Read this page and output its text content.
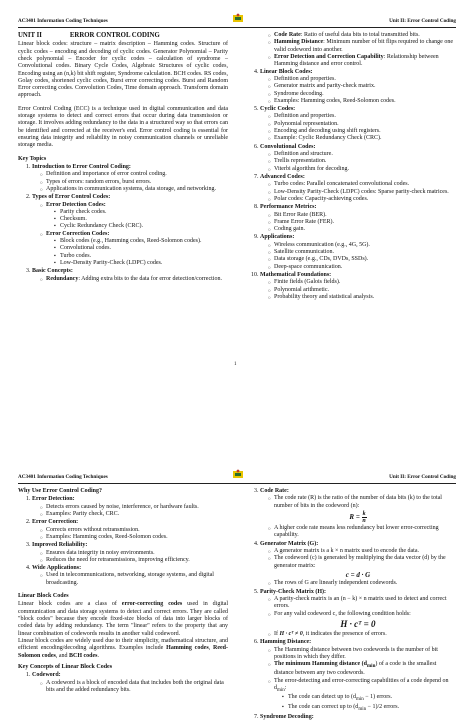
AC3401 Information Coding Techniques	Unit II: Error Control Coding
UNIT II	ERROR CONTROL CODING

Linear block codes: structure – matrix description – Hamming codes. Structure of cyclic codes – encoding and decoding of cyclic codes. Generator Polynomial – Parity check polynomial – Encoder for cyclic codes – calculation of syndrome – Convolutional codes. Binary Cycle Codes, Algebraic Structures of cyclic codes, Encoding using an (n,k) bit shift register, Syndrome calculation. BCH codes. RS codes, Golay codes, shortened cyclic codes, Burst error correcting codes. Burst and Random Error correcting codes. Convolution Codes, Time domain approach. Transform domain approach.

Error Control Coding (ECC) is a technique used in digital communication and data storage systems to detect and correct errors that occur during data transmission or storage. It involves adding redundancy to the data in a structured way so that errors can be identified and corrected at the receiver's end. Error control coding is essential for ensuring data integrity and reliability in noisy communication channels or unreliable storage media.

Key Topics
1. Introduction to Error Control Coding:
○ Definition and importance of error control coding.
○ Types of errors: random errors, burst errors.
○ Applications in communication systems, data storage, and networking.
2. Types of Error Control Codes:
○ Error Detection Codes:
▪ Parity check codes.
▪ Checksum.
▪ Cyclic Redundancy Check (CRC).
○ Error Correction Codes:
▪ Block codes (e.g., Hamming codes, Reed-Solomon codes).
▪ Convolutional codes.
▪ Turbo codes.
▪ Low-Density Parity-Check (LDPC) codes.
3. Basic Concepts:
○ Redundancy: Adding extra bits to the data for error detection/correction.
○ Code Rate: Ratio of useful data bits to total transmitted bits.
○ Hamming Distance: Minimum number of bit flips required to change one valid codeword into another.
○ Error Detection and Correction Capability: Relationship between Hamming distance and error control.
4. Linear Block Codes:
○ Definition and properties.
○ Generator matrix and parity-check matrix.
○ Syndrome decoding.
○ Examples: Hamming codes, Reed-Solomon codes.
5. Cyclic Codes:
○ Definition and properties.
○ Polynomial representation.
○ Encoding and decoding using shift registers.
○ Example: Cyclic Redundancy Check (CRC).
6. Convolutional Codes:
○ Definition and structure.
○ Trellis representation.
○ Viterbi algorithm for decoding.
7. Advanced Codes:
○ Turbo codes: Parallel concatenated convolutional codes.
○ Low-Density Parity-Check (LDPC) codes: Sparse parity-check matrices.
○ Polar codes: Capacity-achieving codes.
8. Performance Metrics:
○ Bit Error Rate (BER).
○ Frame Error Rate (FER).
○ Coding gain.
9. Applications:
○ Wireless communication (e.g., 4G, 5G).
○ Satellite communication.
○ Data storage (e.g., CDs, DVDs, SSDs).
○ Deep-space communication.
10. Mathematical Foundations:
○ Finite fields (Galois fields).
○ Polynomial arithmetic.
○ Probability theory and statistical analysis.
1
AC3401 Information Coding Techniques	Unit II: Error Control Coding
Why Use Error Control Coding?
1. Error Detection:
○ Detects errors caused by noise, interference, or hardware faults.
○ Examples: Parity check, CRC.
2. Error Correction:
○ Corrects errors without retransmission.
○ Examples: Hamming codes, Reed-Solomon codes.
3. Improved Reliability:
○ Ensures data integrity in noisy environments.
○ Reduces the need for retransmissions, improving efficiency.
4. Wide Applications:
○ Used in telecommunications, networking, storage systems, and digital broadcasting.
Linear Block Codes

Linear block codes are a class of error-correcting codes used in digital communication and data storage systems to detect and correct errors. They are called "block codes" because they encode fixed-size blocks of data into larger blocks of coded data by adding redundancy. The term "linear" refers to the property that any linear combination of codewords results in another valid codeword.

Linear block codes are widely used due to their simplicity, mathematical structure, and efficient encoding/decoding algorithms. Examples include Hamming codes, Reed-Solomon codes, and BCH codes.

Key Concepts of Linear Block Codes
1. Codeword:
○ A codeword is a block of encoded data that includes both the original data bits and the added redundancy bits.
3. Code Rate:
○ The code rate (R) is the ratio of the number of data bits (k) to the total number of bits in the codeword (n):
$R = \frac{k}{n}$
○ A higher code rate means less redundancy but lower error-correcting capability.
4. Generator Matrix (G):
○ A generator matrix is a k × n matrix used to encode the data.
○ The codeword (c) is generated by multiplying the data vector (d) by the generator matrix:
c = d · G
○ The rows of G are linearly independent codewords.
5. Parity-Check Matrix (H):
○ A parity-check matrix is an (n − k) × n matrix used to detect and correct errors.
○ For any valid codeword c, the following condition holds:
H · cᵀ = 0
○ If H · cᵀ ≠ 0, it indicates the presence of errors.
6. Hamming Distance:
○ The Hamming distance between two codewords is the number of bit positions in which they differ.
○ The minimum Hamming distance $(d_{min})$ of a code is the smallest distance between any two codewords.
○ The error-detecting and error-correcting capabilities of a code depend on $d_{min}$:
▪ The code can detect up to $(d_{min} - 1)$ errors.
▪ The code can correct up to $(d_{min} - 1)/2$ errors.
7. Syndrome Decoding:
